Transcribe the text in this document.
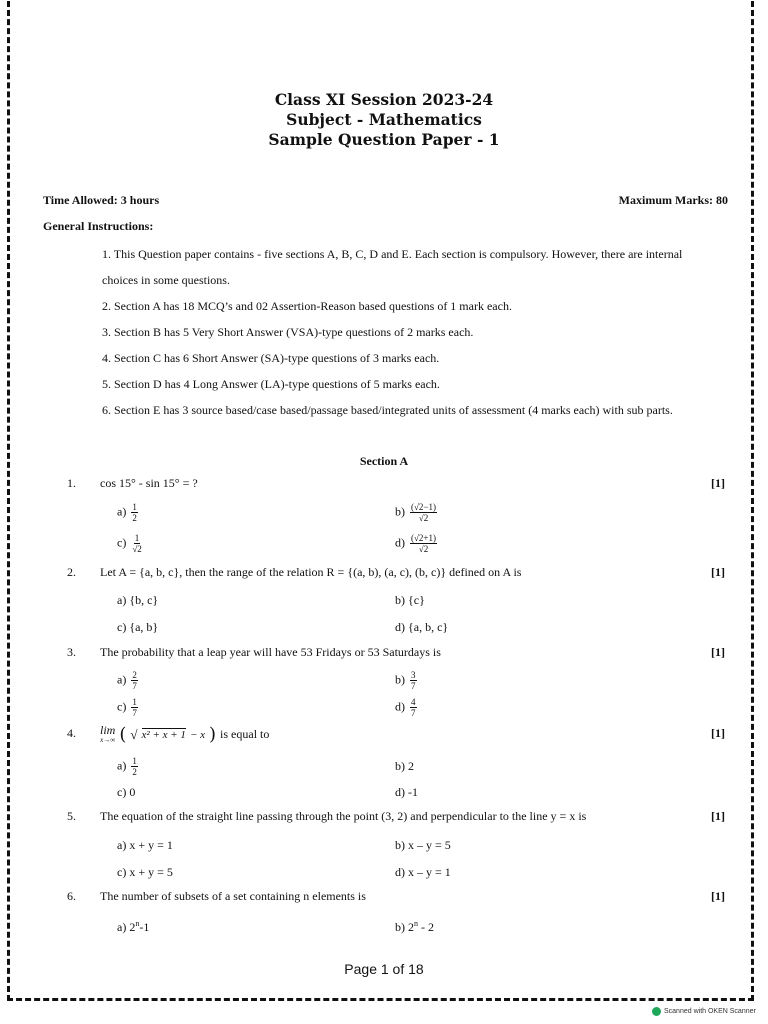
Class XI Session 2023-24
Subject - Mathematics
Sample Question Paper - 1
Time Allowed: 3 hours	Maximum Marks: 80
General Instructions:
1. This Question paper contains - five sections A, B, C, D and E. Each section is compulsory. However, there are internal choices in some questions.
2. Section A has 18 MCQ’s and 02 Assertion-Reason based questions of 1 mark each.
3. Section B has 5 Very Short Answer (VSA)-type questions of 2 marks each.
4. Section C has 6 Short Answer (SA)-type questions of 3 marks each.
5. Section D has 4 Long Answer (LA)-type questions of 5 marks each.
6. Section E has 3 source based/case based/passage based/integrated units of assessment (4 marks each) with sub parts.
Section A
1. cos 15° - sin 15° = ?	[1]
$a) \frac{1}{2}$	$b) \frac{(√2-1)}{√2}$
$c) \frac{1}{√2}$	$d) \frac{(√2+1)}{√2}$
2. Let A = {a, b, c}, then the range of the relation R = {(a, b), (a, c), (b, c)} defined on A is	[1]
a) {b, c}	b) {c}
c) {a, b}	d) {a, b, c}
3. The probability that a leap year will have 53 Fridays or 53 Saturdays is	[1]
$a) \frac{2}{7}$	$b) \frac{3}{7}$
$c) \frac{1}{7}$	$d) \frac{4}{7}$
4. lim
x→∞ ( √ x² + x + 1 − x ) is equal to	[1]
$a) \frac{1}{2}$	b) 2
c) 0	d) -1
5. The equation of the straight line passing through the point (3, 2) and perpendicular to the line y = x is	[1]
a) x + y = 1	b) x – y = 5
c) x + y = 5	d) x – y = 1
6. The number of subsets of a set containing n elements is	[1]
a) 2$^n$-1	b) 2$^n$ - 2
Page 1 of 18
Scanned with OKEN Scanner
